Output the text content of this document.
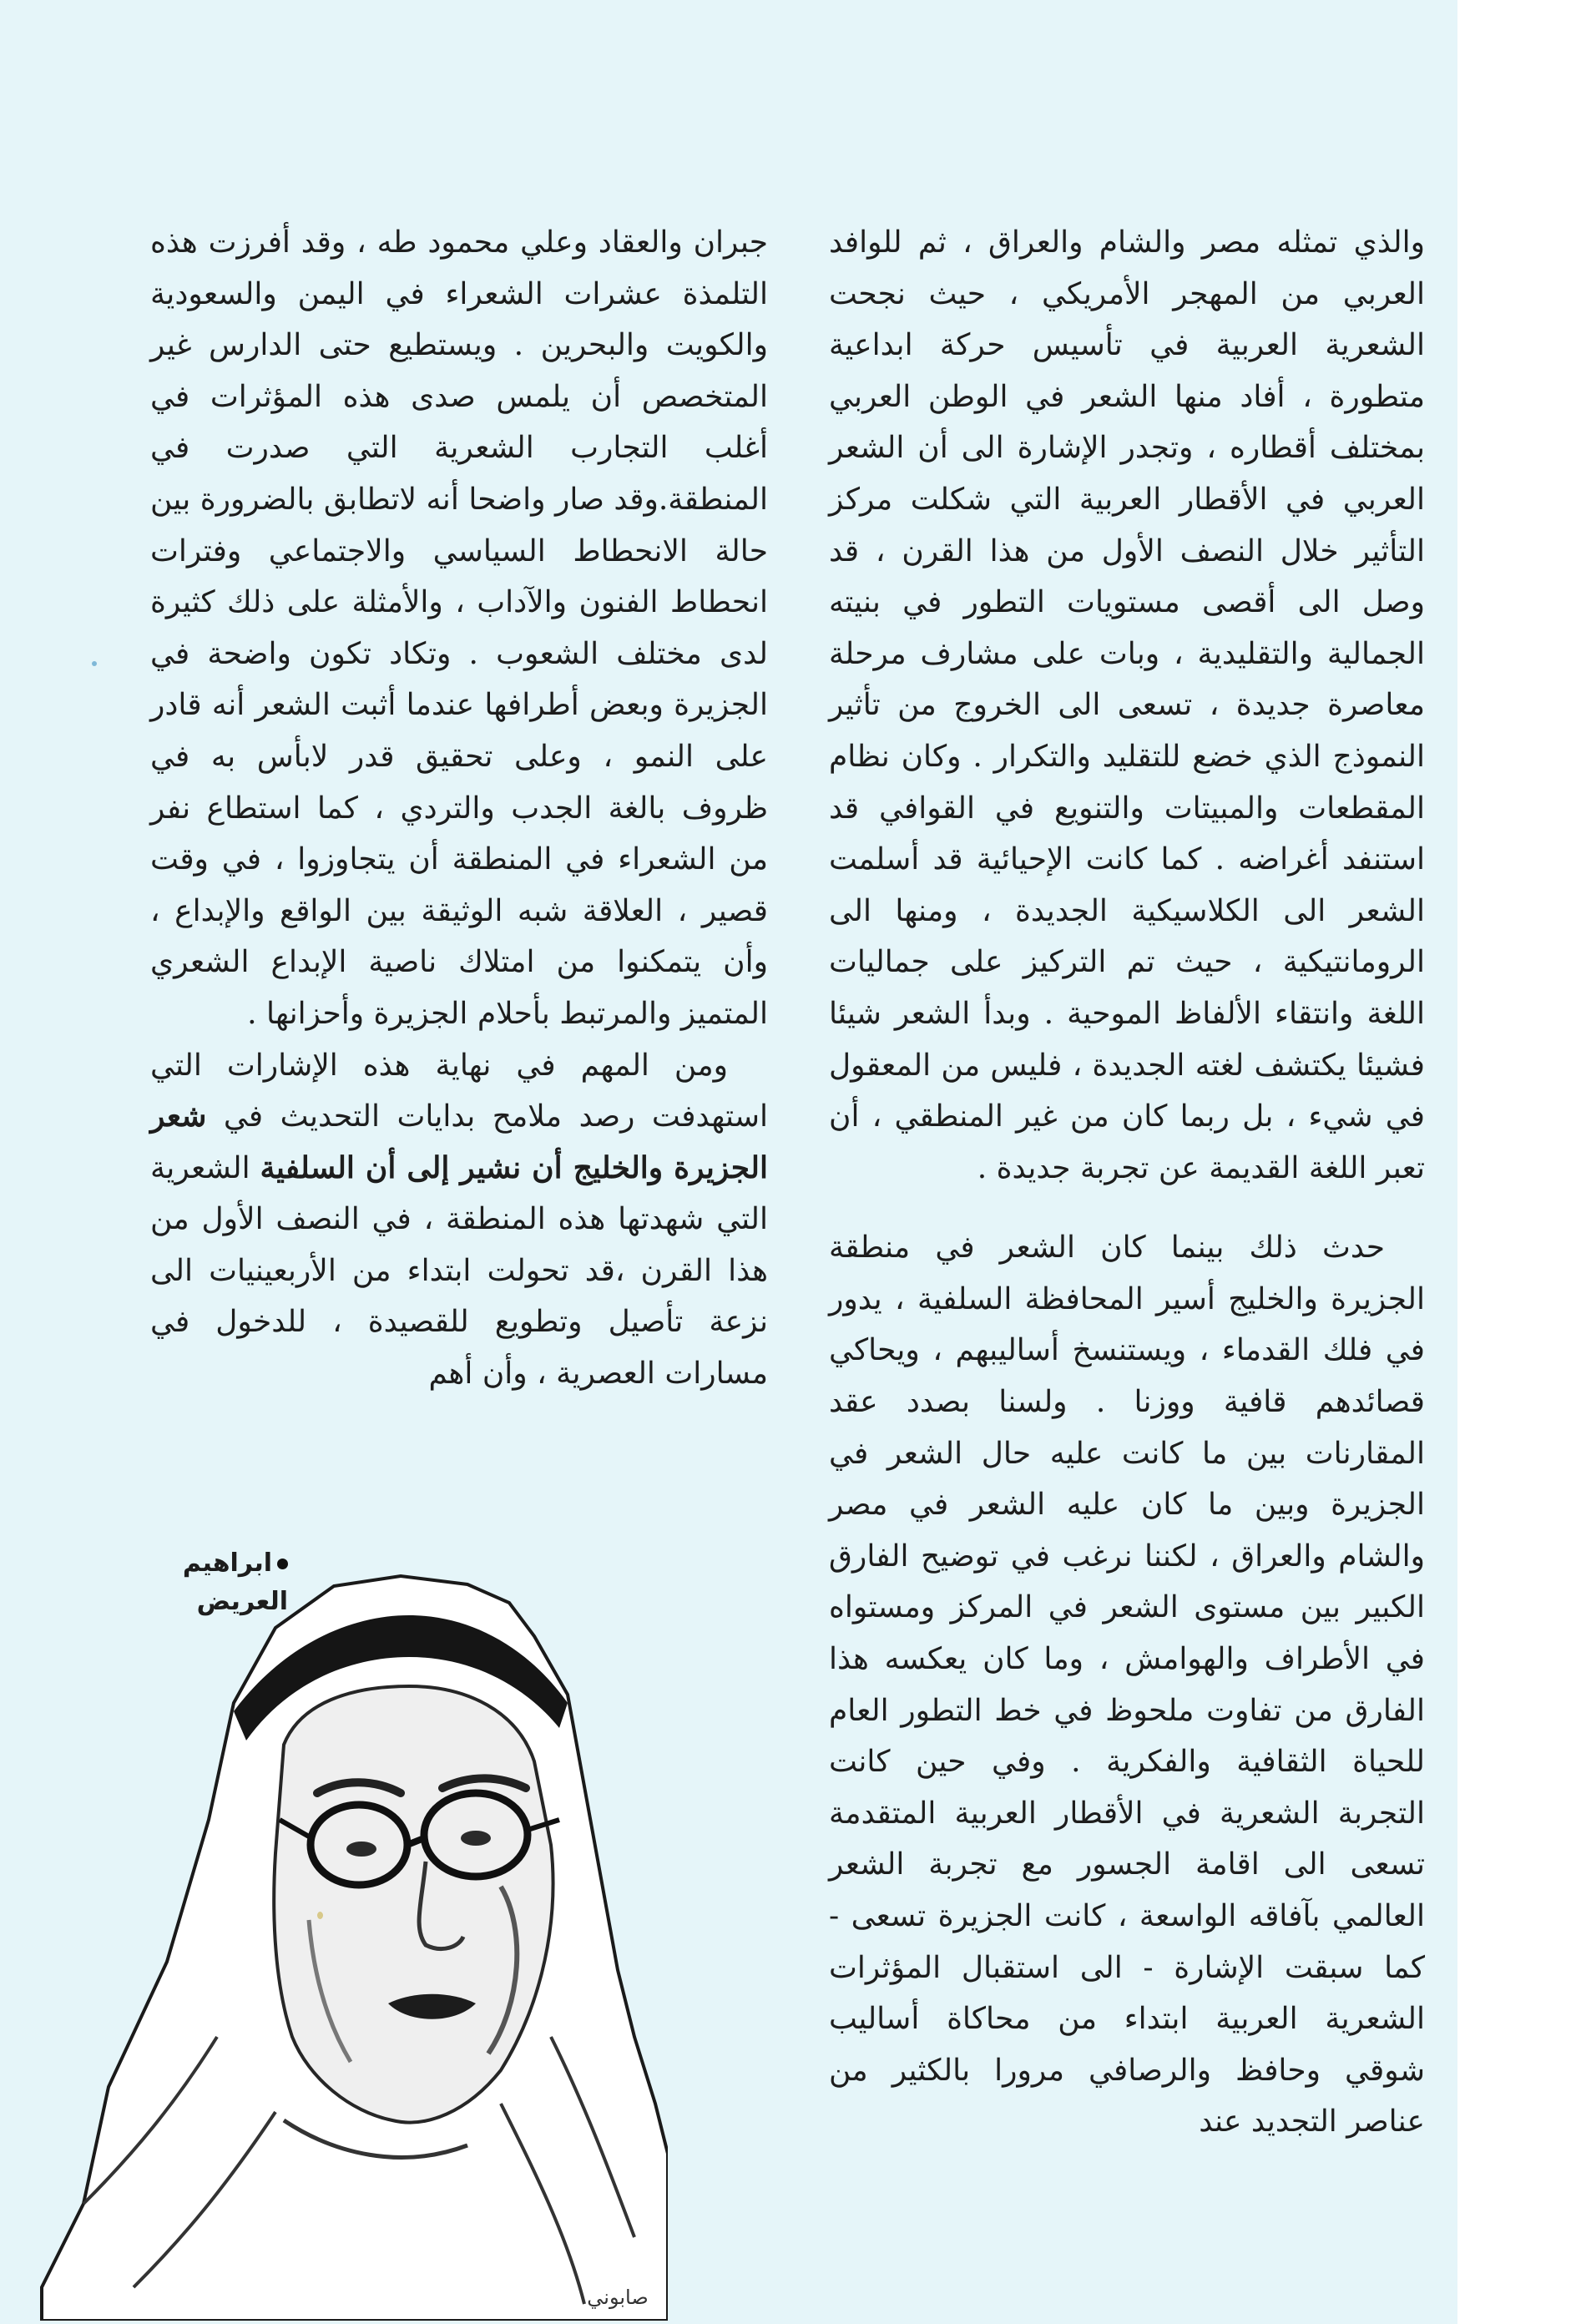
والذي تمثله مصر والشام والعراق ، ثم للوافد العربي من المهجر الأمريكي ، حيث نجحت الشعرية العربية في تأسيس حركة ابداعية متطورة ، أفاد منها الشعر في الوطن العربي بمختلف أقطاره ، وتجدر الإشارة الى أن الشعر العربي في الأقطار العربية التي شكلت مركز التأثير خلال النصف الأول من هذا القرن ، قد وصل الى أقصى مستويات التطور في بنيته الجمالية والتقليدية ، وبات على مشارف مرحلة معاصرة جديدة ، تسعى الى الخروج من تأثير النموذج الذي خضع للتقليد والتكرار . وكان نظام المقطعات والمبيتات والتنويع في القوافي قد استنفد أغراضه . كما كانت الإحيائية قد أسلمت الشعر الى الكلاسيكية الجديدة ، ومنها الى الرومانتيكية ، حيث تم التركيز على جماليات اللغة وانتقاء الألفاظ الموحية . وبدأ الشعر شيئا فشيئا يكتشف لغته الجديدة ، فليس من المعقول في شيء ، بل ربما كان من غير المنطقي ، أن تعبر اللغة القديمة عن تجربة جديدة .

حدث ذلك بينما كان الشعر في منطقة الجزيرة والخليج أسير المحافظة السلفية ، يدور في فلك القدماء ، ويستنسخ أساليبهم ، ويحاكي قصائدهم قافية ووزنا . ولسنا بصدد عقد المقارنات بين ما كانت عليه حال الشعر في الجزيرة وبين ما كان عليه الشعر في مصر والشام والعراق ، لكننا نرغب في توضيح الفارق الكبير بين مستوى الشعر في المركز ومستواه في الأطراف والهوامش ، وما كان يعكسه هذا الفارق من تفاوت ملحوظ في خط التطور العام للحياة الثقافية والفكرية . وفي حين كانت التجربة الشعرية في الأقطار العربية المتقدمة تسعى الى اقامة الجسور مع تجربة الشعر العالمي بآفاقه الواسعة ، كانت الجزيرة تسعى - كما سبقت الإشارة - الى استقبال المؤثرات الشعرية العربية ابتداء من محاكاة أساليب شوقي وحافظ والرصافي مرورا بالكثير من عناصر التجديد عند

جبران والعقاد وعلي محمود طه ، وقد أفرزت هذه التلمذة عشرات الشعراء في اليمن والسعودية والكويت والبحرين . ويستطيع حتى الدارس غير المتخصص أن يلمس صدى هذه المؤثرات في أغلب التجارب الشعرية التي صدرت في المنطقة.وقد صار واضحا أنه لاتطابق بالضرورة بين حالة الانحطاط السياسي والاجتماعي وفترات انحطاط الفنون والآداب ، والأمثلة على ذلك كثيرة لدى مختلف الشعوب . وتكاد تكون واضحة في الجزيرة وبعض أطرافها عندما أثبت الشعر أنه قادر على النمو ، وعلى تحقيق قدر لابأس به في ظروف بالغة الجدب والتردي ، كما استطاع نفر من الشعراء في المنطقة أن يتجاوزوا ، في وقت قصير ، العلاقة شبه الوثيقة بين الواقع والإبداع ، وأن يتمكنوا من امتلاك ناصية الإبداع الشعري المتميز والمرتبط بأحلام الجزيرة وأحزانها .

ومن المهم في نهاية هذه الإشارات التي استهدفت رصد ملامح بدايات التحديث في شعر الجزيرة والخليج أن نشير إلى أن السلفية الشعرية التي شهدتها هذه المنطقة ، في النصف الأول من هذا القرن ،قد تحولت ابتداء من الأربعينيات الى نزعة تأصيل وتطويع للقصيدة ، للدخول في مسارات العصرية ، وأن أهم

ابراهيم
العريض
صابوني
